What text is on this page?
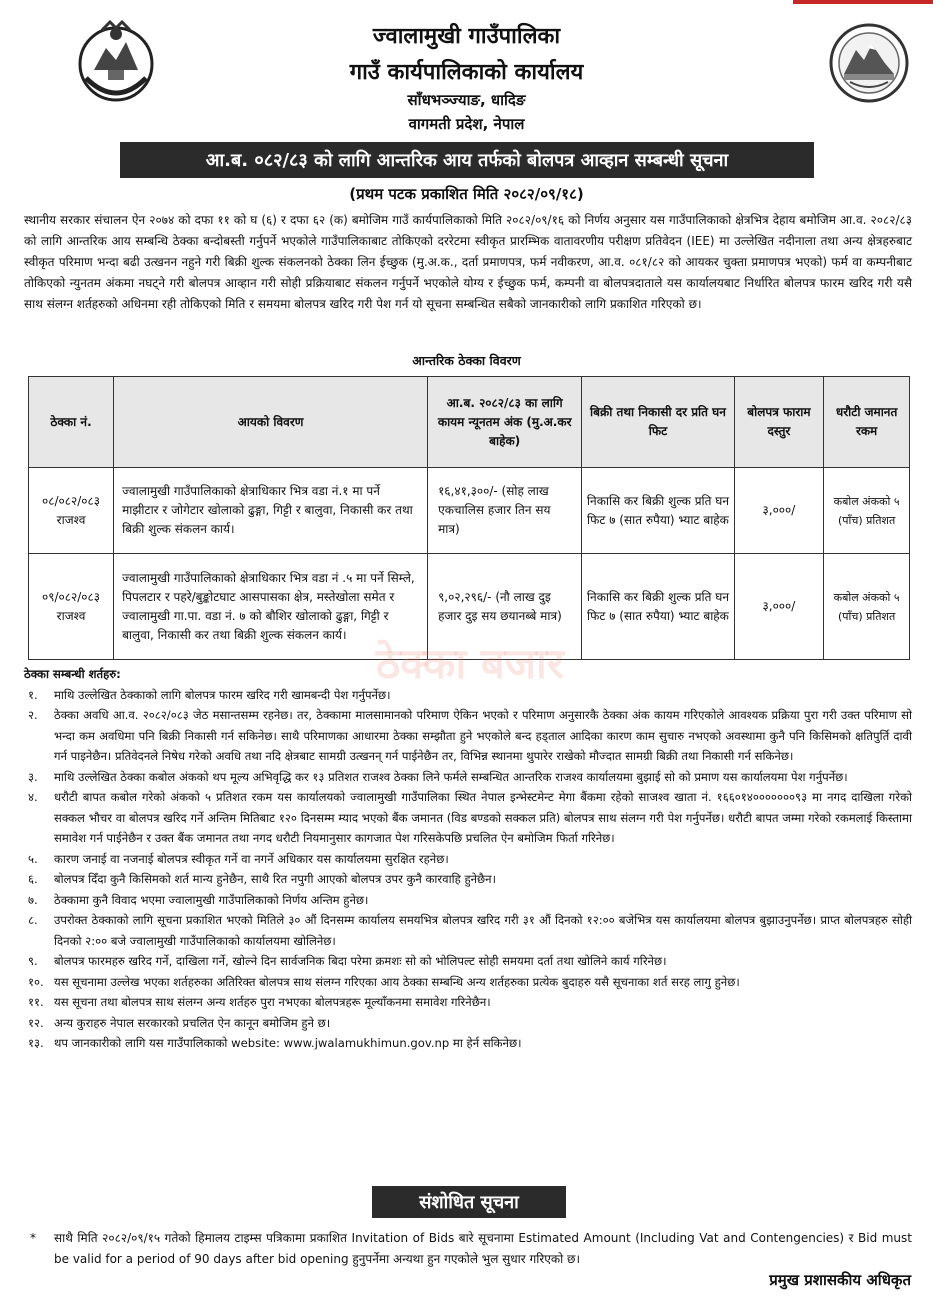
ज्वालामुखी गाउँपालिका
गाउँ कार्यपालिकाको कार्यालय
साँधभञ्ज्याङ, धादिङ
वागमती प्रदेश, नेपाल
आ.ब. ०८२/८३ को लागि आन्तरिक आय तर्फको बोलपत्र आव्हान सम्बन्धी सूचना
(प्रथम पटक प्रकाशित मिति २०८२/०९/१८)
स्थानीय सरकार संचालन ऐन २०७४ को दफा ११ को घ (६) र दफा ६२ (क) बमोजिम गाउँ कार्यपालिकाको मिति २०८२/०९/१६ को निर्णय अनुसार यस गाउँपालिकाको क्षेत्रभित्र देहाय बमोजिम आ.व. २०८२/८३ को लागि आन्तरिक आय सम्बन्धि ठेक्का बन्दोबस्ती गर्नुपर्ने भएकोले गाउँपालिकाबाट तोकिएको दररेटमा स्वीकृत प्रारम्भिक वातावरणीय परीक्षण प्रतिवेदन (IEE) मा उल्लेखित नदीनाला तथा अन्य क्षेत्रहरुबाट स्वीकृत परिमाण भन्दा बढी उत्खनन नहुने गरी बिक्री शुल्क संकलनको ठेक्का लिन ईच्छुक (मु.अ.क., दर्ता प्रमाणपत्र, फर्म नवीकरण, आ.व. ०८१/८२ को आयकर चुक्ता प्रमाणपत्र भएको) फर्म वा कम्पनीबाट तोकिएको न्युनतम अंकमा नघट्ने गरी बोलपत्र आव्हान गरी सोही प्रक्रियाबाट संकलन गर्नुपर्ने भएकोले योग्य र ईच्छुक फर्म, कम्पनी वा बोलपत्रदाताले यस कार्यालयबाट निर्धारित बोलपत्र फारम खरिद गरी यसै साथ संलग्न शर्तहरुको अधिनमा रही तोकिएको मिति र समयमा बोलपत्र खरिद गरी पेश गर्न यो सूचना सम्बन्धित सबैको जानकारीको लागि प्रकाशित गरिएको छ।
आन्तरिक ठेक्का विवरण
ठेक्का नं.	आयको विवरण	आ.ब. २०८२/८३ का लागि कायम न्यूनतम अंक (मु.अ.कर बाहेक)	बिक्री तथा निकासी दर प्रति घन फिट	बोलपत्र फाराम दस्तुर	धरौटी जमानत रकम
०८/०८२/०८३ राजश्व	ज्वालामुखी गाउँपालिकाको क्षेत्राधिकार भित्र वडा नं.१ मा पर्ने माझीटार र जोगेटार खोलाको ढुङ्गा, गिट्टी र बालुवा, निकासी कर तथा बिक्री शुल्क संकलन कार्य।	१६,४१,३००/- (सोह लाख एकचालिस हजार तिन सय मात्र)	निकासि कर बिक्री शुल्क प्रति घन फिट ७ (सात रुपैया) भ्याट बाहेक	३,०००/	कबोल अंकको ५ (पाँच) प्रतिशत
०९/०८२/०८३ राजश्व	ज्वालामुखी गाउँपालिकाको क्षेत्राधिकार भित्र वडा नं .५ मा पर्ने सिम्ले, पिपलटार र पहरे/बुङ्कोटघाट आसपासका क्षेत्र, मस्तेखोला समेत र ज्वालामुखी गा.पा. वडा नं. ७ को बौशिर खोलाको ढुङ्गा, गिट्टी र बालुवा, निकासी कर तथा बिक्री शुल्क संकलन कार्य।	९,०२,२९६/- (नौ लाख दुइ हजार दुइ सय छयानब्बे मात्र)	निकासि कर बिक्री शुल्क प्रति घन फिट ७ (सात रुपैया) भ्याट बाहेक	३,०००/	कबोल अंकको ५ (पाँच) प्रतिशत
ठेक्का बजार
ठेक्का सम्बन्धी शर्तहरु:
१. माथि उल्लेखित ठेक्काको लागि बोलपत्र फारम खरिद गरी खामबन्दी पेश गर्नुपर्नेछ।
२. ठेक्का अवधि आ.व. २०८२/०८३ जेठ मसान्तसम्म रहनेछ। तर, ठेक्कामा मालसामानको परिमाण ऐकिन भएको र परिमाण अनुसारकै ठेक्का अंक कायम गरिएकोले आवश्यक प्रक्रिया पुरा गरी उक्त परिमाण सो भन्दा कम अवधिमा पनि बिक्री निकासी गर्न सकिनेछ। साथै परिमाणका आधारमा ठेक्का सम्झौता हुने भएकोले बन्द हड्ताल आदिका कारण काम सुचारु नभएको अवस्थामा कुनै पनि किसिमको क्षतिपुर्ति दावी गर्न पाइनेछैन। प्रतिवेदनले निषेध गरेको अवधि तथा नदि क्षेत्रबाट सामग्री उत्खनन् गर्न पाईनेछैन तर, विभिन्न स्थानमा थुपारेर राखेको मौज्दात सामग्री बिक्री तथा निकासी गर्न सकिनेछ।
३. माथि उल्लेखित ठेक्का कबोल अंकको थप मूल्य अभिवृद्धि कर १३ प्रतिशत राजश्व ठेक्का लिने फर्मले सम्बन्धित आन्तरिक राजश्व कार्यालयमा बुझाई सो को प्रमाण यस कार्यालयमा पेश गर्नुपर्नेछ।
४. धरौटी बापत कबोल गरेको अंकको ५ प्रतिशत रकम यस कार्यालयको ज्वालामुखी गाउँपालिका स्थित नेपाल इन्भेस्टमेन्ट मेगा बैंकमा रहेको साजश्व खाता नं. १६६०१४०००००००९३ मा नगद दाखिला गरेको सक्कल भौचर वा बोलपत्र खरिद गर्ने अन्तिम मितिबाट १२० दिनसम्म म्याद भएको बैंक जमानत (विड बण्डको सक्कल प्रति) बोलपत्र साथ संलग्न गरी पेश गर्नुपर्नेछ। धरौटी बापत जम्मा गरेको रकमलाई किस्तामा समावेश गर्न पाईनेछैन र उक्त बैंक जमानत तथा नगद धरौटी नियमानुसार कागजात पेश गरिसकेपछि प्रचलित ऐन बमोजिम फिर्ता गरिनेछ।
५. कारण जनाई वा नजनाई बोलपत्र स्वीकृत गर्ने वा नगर्ने अधिकार यस कार्यालयमा सुरक्षित रहनेछ।
६. बोलपत्र दिँदा कुनै किसिमको शर्त मान्य हुनेछैन, साथै रित नपुगी आएको बोलपत्र उपर कुनै कारवाहि हुनेछैन।
७. ठेक्कामा कुनै विवाद भएमा ज्वालामुखी गाउँपालिकाको निर्णय अन्तिम हुनेछ।
८. उपरोक्त ठेक्काको लागि सूचना प्रकाशित भएको मितिले ३० औं दिनसम्म कार्यालय समयभित्र बोलपत्र खरिद गरी ३१ औं दिनको १२:०० बजेभित्र यस कार्यालयमा बोलपत्र बुझाउनुपर्नेछ। प्राप्त बोलपत्रहरु सोही दिनको २:०० बजे ज्वालामुखी गाउँपालिकाको कार्यालयमा खोलिनेछ।
९. बोलपत्र फारमहरु खरिद गर्ने, दाखिला गर्ने, खोल्ने दिन सार्वजनिक बिदा परेमा क्रमशः सो को भोलिपल्ट सोही समयमा दर्ता तथा खोलिने कार्य गरिनेछ।
१०. यस सूचनामा उल्लेख भएका शर्तहरुका अतिरिक्त बोलपत्र साथ संलग्न गरिएका आय ठेक्का सम्बन्धि अन्य शर्तहरुका प्रत्येक बुदाहरु यसै सूचनाका शर्त सरह लागु हुनेछ।
११. यस सूचना तथा बोलपत्र साथ संलग्न अन्य शर्तहरु पुरा नभएका बोलपत्रहरू मूल्याँकनमा समावेश गरिनेछैन।
१२. अन्य कुराहरु नेपाल सरकारको प्रचलित ऐन कानून बमोजिम हुने छ।
१३. थप जानकारीको लागि यस गाउँपालिकाको website: www.jwalamukhimun.gov.np मा हेर्न सकिनेछ।
संशोधित सूचना
*	साथै मिति २०८२/०९/१५ गतेको हिमालय टाइम्स पत्रिकामा प्रकाशित Invitation of Bids बारे सूचनामा Estimated Amount (Including Vat and Contengencies) र Bid must be valid for a period of 90 days after bid opening हुनुपर्नेमा अन्यथा हुन गएकोले भुल सुधार गरिएको छ।
प्रमुख प्रशासकीय अधिकृत
